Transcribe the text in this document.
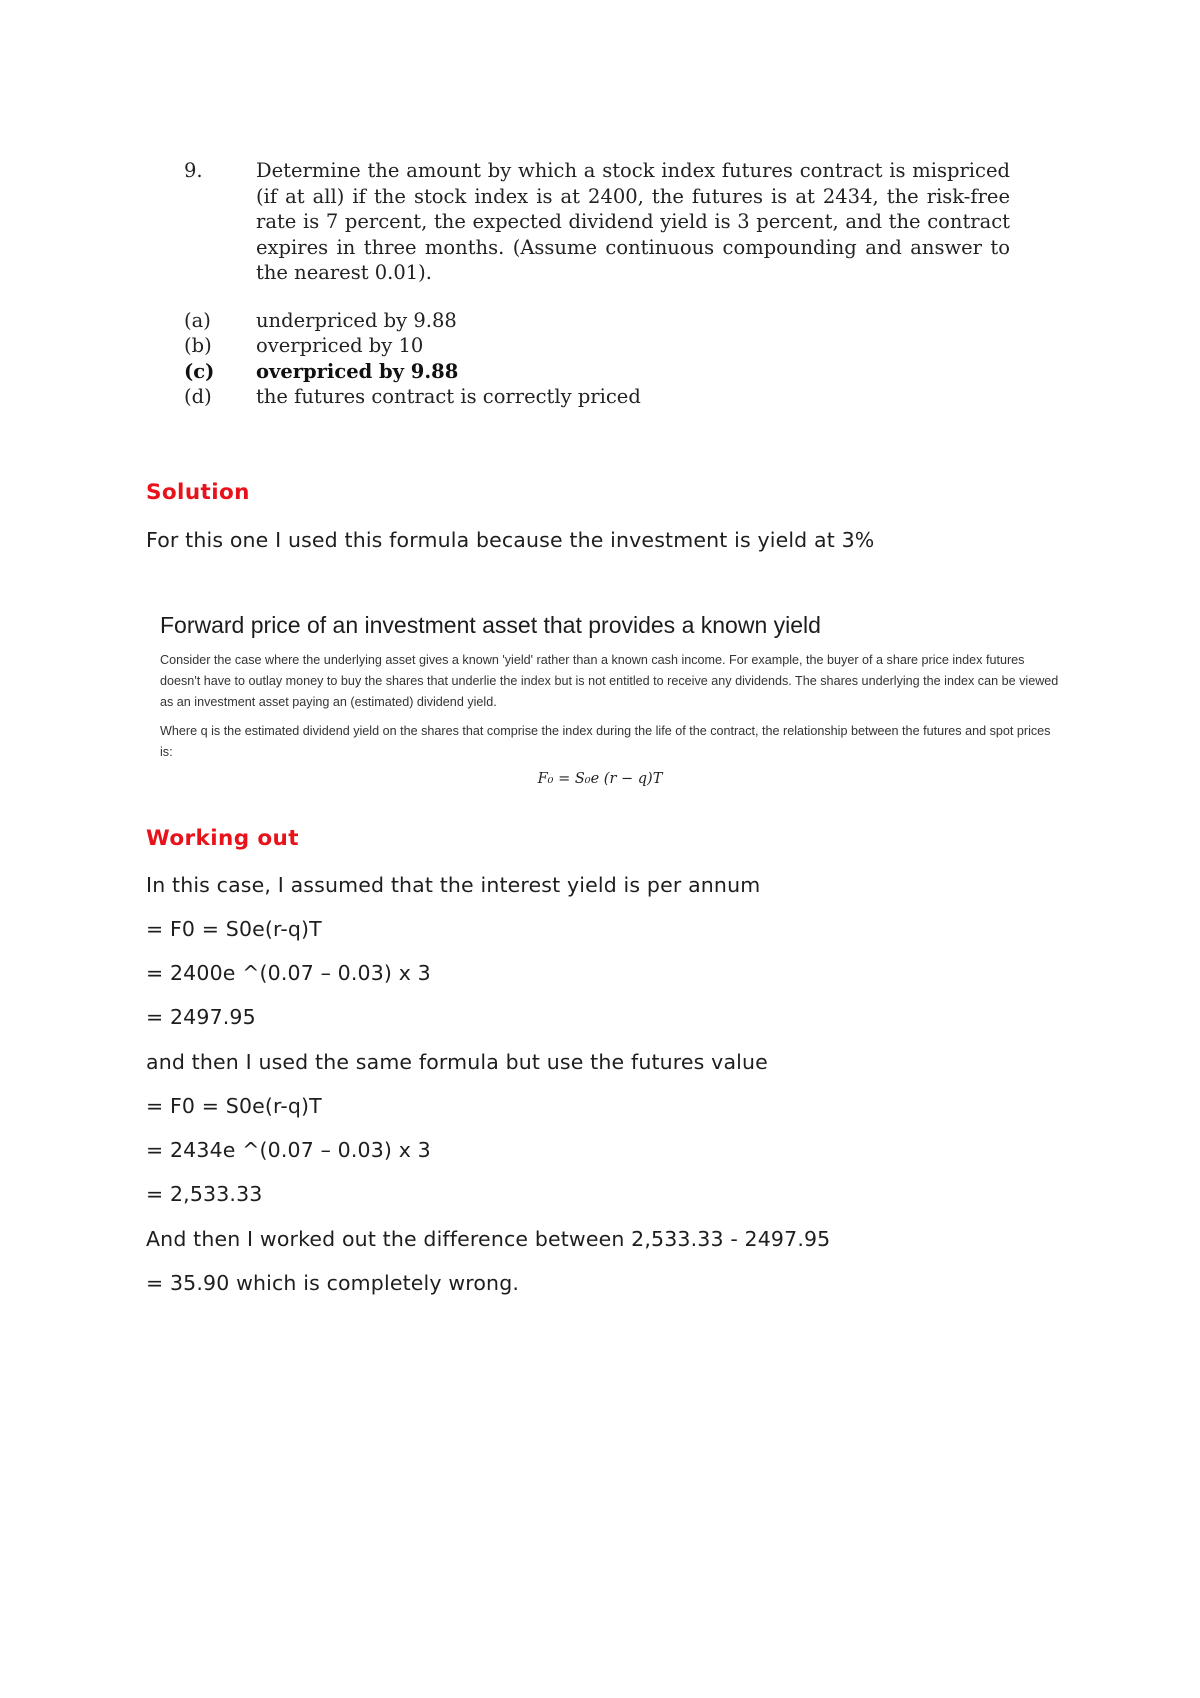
9.	Determine the amount by which a stock index futures contract is mispriced (if at all) if the stock index is at 2400, the futures is at 2434, the risk-free rate is 7 percent, the expected dividend yield is 3 percent, and the contract expires in three months. (Assume continuous compounding and answer to the nearest 0.01).
(a)	underpriced by 9.88
(b)	overpriced by 10
(c)	overpriced by 9.88
(d)	the futures contract is correctly priced
Solution
For this one I used this formula because the investment is yield at 3%

Forward price of an investment asset that provides a known yield

Consider the case where the underlying asset gives a known 'yield' rather than a known cash income. For example, the buyer of a share price index futures doesn't have to outlay money to buy the shares that underlie the index but is not entitled to receive any dividends. The shares underlying the index can be viewed as an investment asset paying an (estimated) dividend yield.

Where q is the estimated dividend yield on the shares that comprise the index during the life of the contract, the relationship between the futures and spot prices is:

F₀ = S₀e (r − q)T
Working out
In this case, I assumed that the interest yield is per annum
= F0 = S0e(r-q)T
= 2400e ^(0.07 – 0.03) x 3
= 2497.95
and then I used the same formula but use the futures value
= F0 = S0e(r-q)T
= 2434e ^(0.07 – 0.03) x 3
= 2,533.33
And then I worked out the difference between 2,533.33 - 2497.95
= 35.90 which is completely wrong.
